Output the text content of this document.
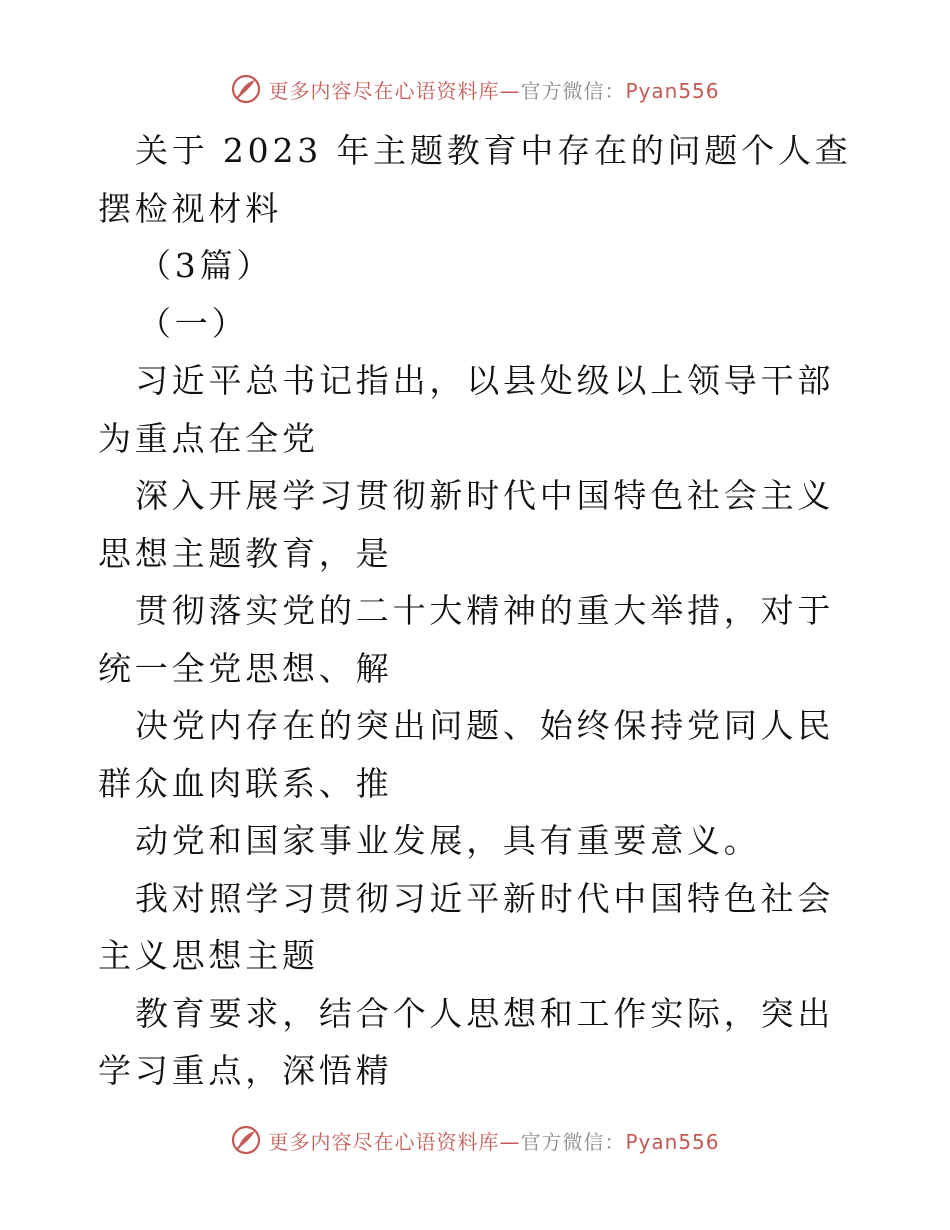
更多内容尽在心语资料库—官方微信：Pyan556

关于 2023 年主题教育中存在的问题个人查摆检视材料

（3篇）

（一）

习近平总书记指出，以县处级以上领导干部为重点在全党

深入开展学习贯彻新时代中国特色社会主义思想主题教育，是

贯彻落实党的二十大精神的重大举措，对于统一全党思想、解

决党内存在的突出问题、始终保持党同人民群众血肉联系、推

动党和国家事业发展，具有重要意义。

我对照学习贯彻习近平新时代中国特色社会主义思想主题

教育要求，结合个人思想和工作实际，突出学习重点，深悟精

更多内容尽在心语资料库—官方微信：Pyan556
